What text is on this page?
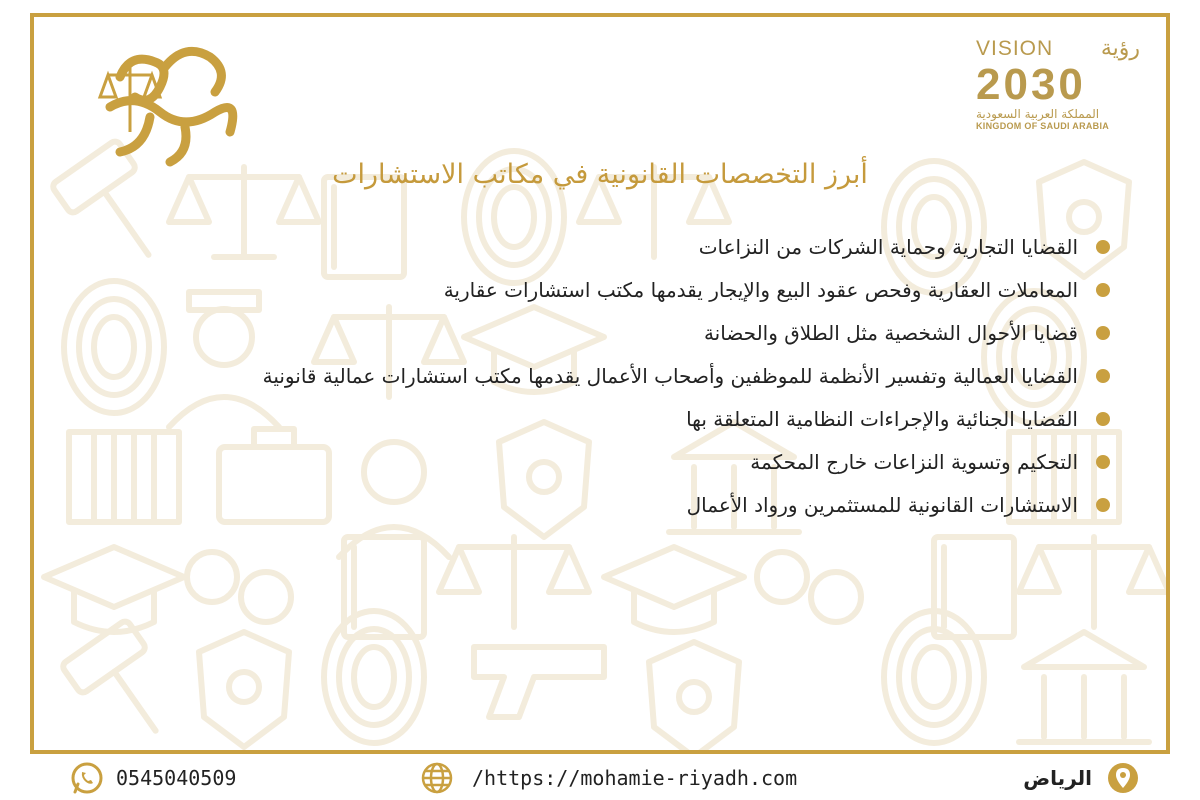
VISION رؤية
2030
المملكة العربية السعودية
KINGDOM OF SAUDI ARABIA
أبرز التخصصات القانونية في مكاتب الاستشارات
القضايا التجارية وحماية الشركات من النزاعات
المعاملات العقارية وفحص عقود البيع والإيجار يقدمها مكتب استشارات عقارية
قضايا الأحوال الشخصية مثل الطلاق والحضانة
القضايا العمالية وتفسير الأنظمة للموظفين وأصحاب الأعمال يقدمها مكتب استشارات عمالية قانونية
القضايا الجنائية والإجراءات النظامية المتعلقة بها
التحكيم وتسوية النزاعات خارج المحكمة
الاستشارات القانونية للمستثمرين ورواد الأعمال
0545040509	/https://mohamie-riyadh.com	الرياض
